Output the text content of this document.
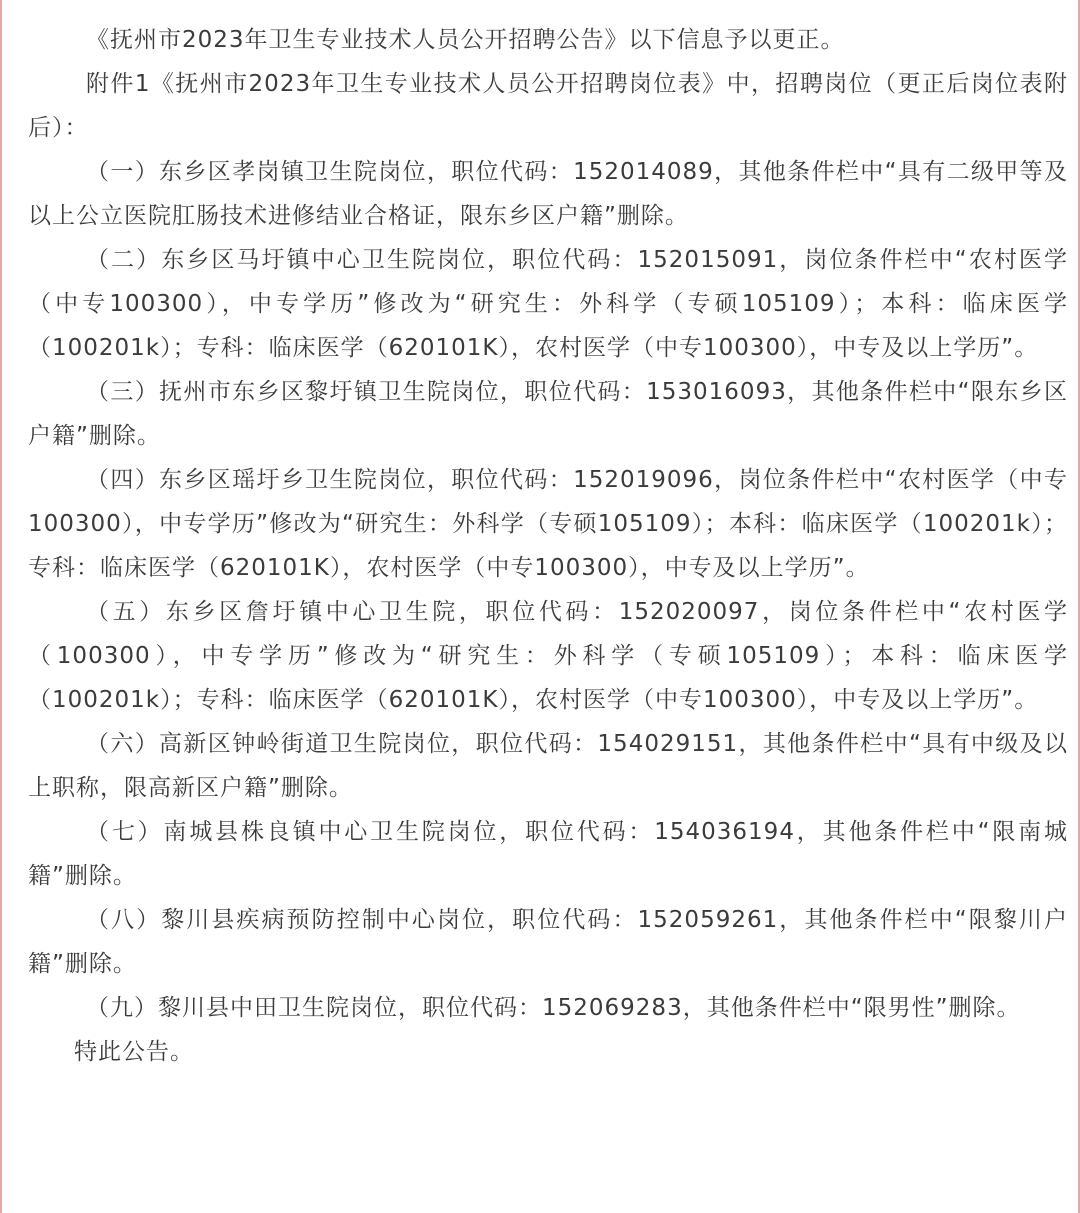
《抚州市2023年卫生专业技术人员公开招聘公告》以下信息予以更正。

附件1《抚州市2023年卫生专业技术人员公开招聘岗位表》中，招聘岗位（更正后岗位表附后）：

（一）东乡区孝岗镇卫生院岗位，职位代码：152014089，其他条件栏中“具有二级甲等及以上公立医院肛肠技术进修结业合格证，限东乡区户籍”删除。

（二）东乡区马圩镇中心卫生院岗位，职位代码：152015091，岗位条件栏中“农村医学（中专100300），中专学历”修改为“研究生：外科学（专硕105109）；本科：临床医学（100201k）；专科：临床医学（620101K），农村医学（中专100300），中专及以上学历”。

（三）抚州市东乡区黎圩镇卫生院岗位，职位代码：153016093，其他条件栏中“限东乡区户籍”删除。

（四）东乡区瑶圩乡卫生院岗位，职位代码：152019096，岗位条件栏中“农村医学（中专100300），中专学历”修改为“研究生：外科学（专硕105109）；本科：临床医学（100201k）；专科：临床医学（620101K），农村医学（中专100300），中专及以上学历”。

（五）东乡区詹圩镇中心卫生院，职位代码：152020097，岗位条件栏中“农村医学（100300），中专学历”修改为“研究生：外科学（专硕105109）；本科：临床医学（100201k）；专科：临床医学（620101K），农村医学（中专100300），中专及以上学历”。

（六）高新区钟岭街道卫生院岗位，职位代码：154029151，其他条件栏中“具有中级及以上职称，限高新区户籍”删除。

（七）南城县株良镇中心卫生院岗位，职位代码：154036194，其他条件栏中“限南城籍”删除。

（八）黎川县疾病预防控制中心岗位，职位代码：152059261，其他条件栏中“限黎川户籍”删除。

（九）黎川县中田卫生院岗位，职位代码：152069283，其他条件栏中“限男性”删除。

特此公告。
